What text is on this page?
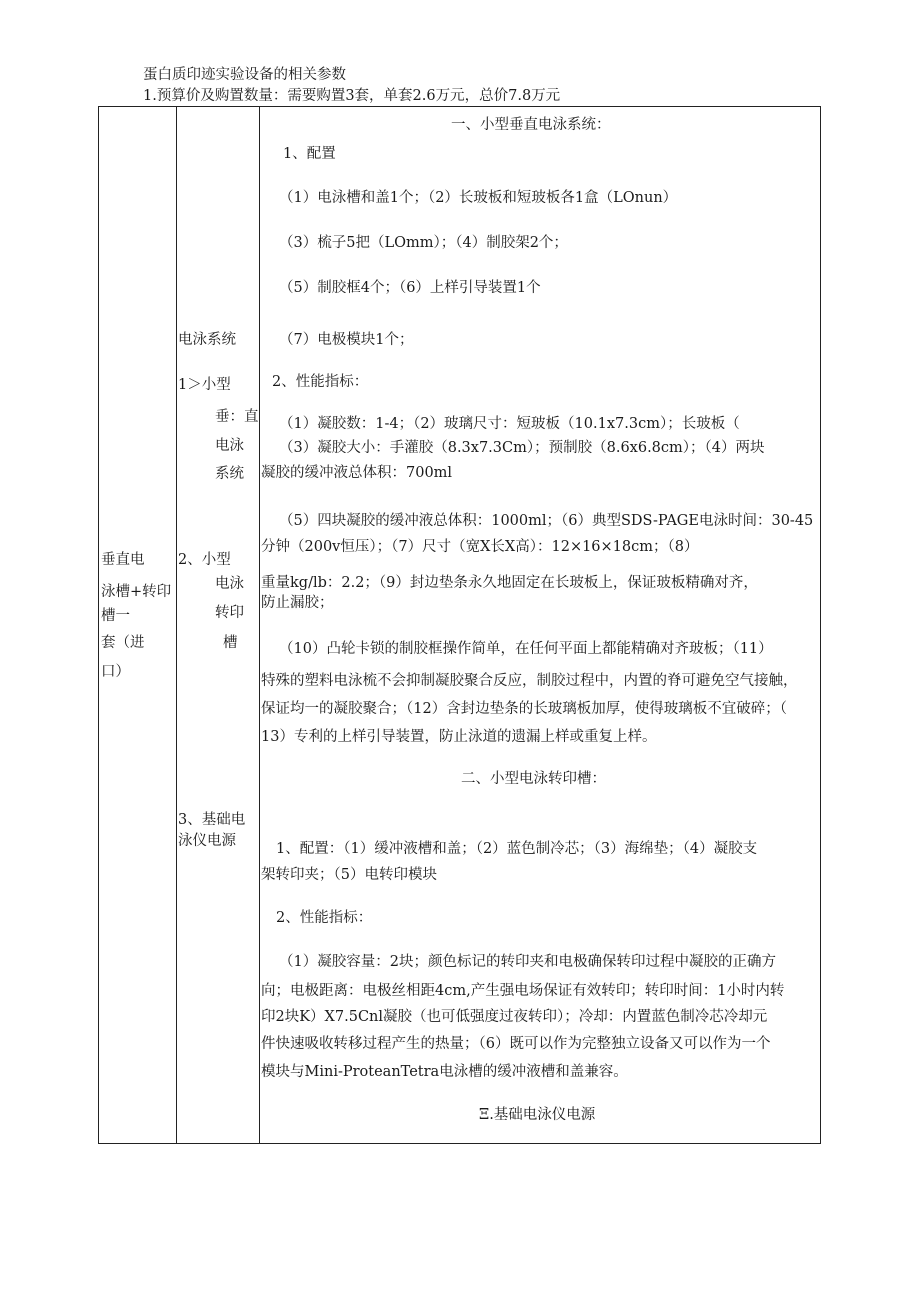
蛋白质印迹实验设备的相关参数
1.预算价及购置数量：需要购置3套，单套2.6万元，总价7.8万元
垂直电
泳槽+转印
槽一
套（进
口）
电泳系统
1＞小型
垂：直
电泳
系统
2、小型
电泳
转印
槽
3、基础电
泳仪电源
一、小型垂直电泳系统：
1、配置
（1）电泳槽和盖1个；（2）长玻板和短玻板各1盒（LOnun）
（3）梳子5把（LOmm）；（4）制胶架2个；
（5）制胶框4个；（6）上样引导装置1个
（7）电极模块1个；
2、性能指标：
（1）凝胶数：1-4；（2）玻璃尺寸：短玻板（10.1x7.3cm）；长玻板（
（3）凝胶大小：手灌胶（8.3x7.3Cm）；预制胶（8.6x6.8cm）；（4）两块
凝胶的缓冲液总体积：700ml
（5）四块凝胶的缓冲液总体积：1000ml；（6）典型SDS-PAGE电泳时间：30-45
分钟（200v恒压）；（7）尺寸（宽X长X高）：12×16×18cm；（8）
重量kg/lb：2.2；（9）封边垫条永久地固定在长玻板上，保证玻板精确对齐，
防止漏胶；
（10）凸轮卡锁的制胶框操作简单，在任何平面上都能精确对齐玻板；（11）
特殊的塑料电泳梳不会抑制凝胶聚合反应，制胶过程中，内置的脊可避免空气接触，
保证均一的凝胶聚合；（12）含封边垫条的长玻璃板加厚，使得玻璃板不宜破碎；（
13）专利的上样引导装置，防止泳道的遗漏上样或重复上样。
二、小型电泳转印槽：
1、配置：（1）缓冲液槽和盖；（2）蓝色制冷芯；（3）海绵垫；（4）凝胶支
架转印夹；（5）电转印模块
2、性能指标：
（1）凝胶容量：2块；颜色标记的转印夹和电极确保转印过程中凝胶的正确方
向；电极距离：电极丝相距4cm,产生强电场保证有效转印；转印时间：1小时内转
印2块K）X7.5Cnl凝胶（也可低强度过夜转印）；冷却：内置蓝色制冷芯冷却元
件快速吸收转移过程产生的热量；（6）既可以作为完整独立设备又可以作为一个
模块与Mini-ProteanTetra电泳槽的缓冲液槽和盖兼容。
Ξ.基础电泳仪电源
